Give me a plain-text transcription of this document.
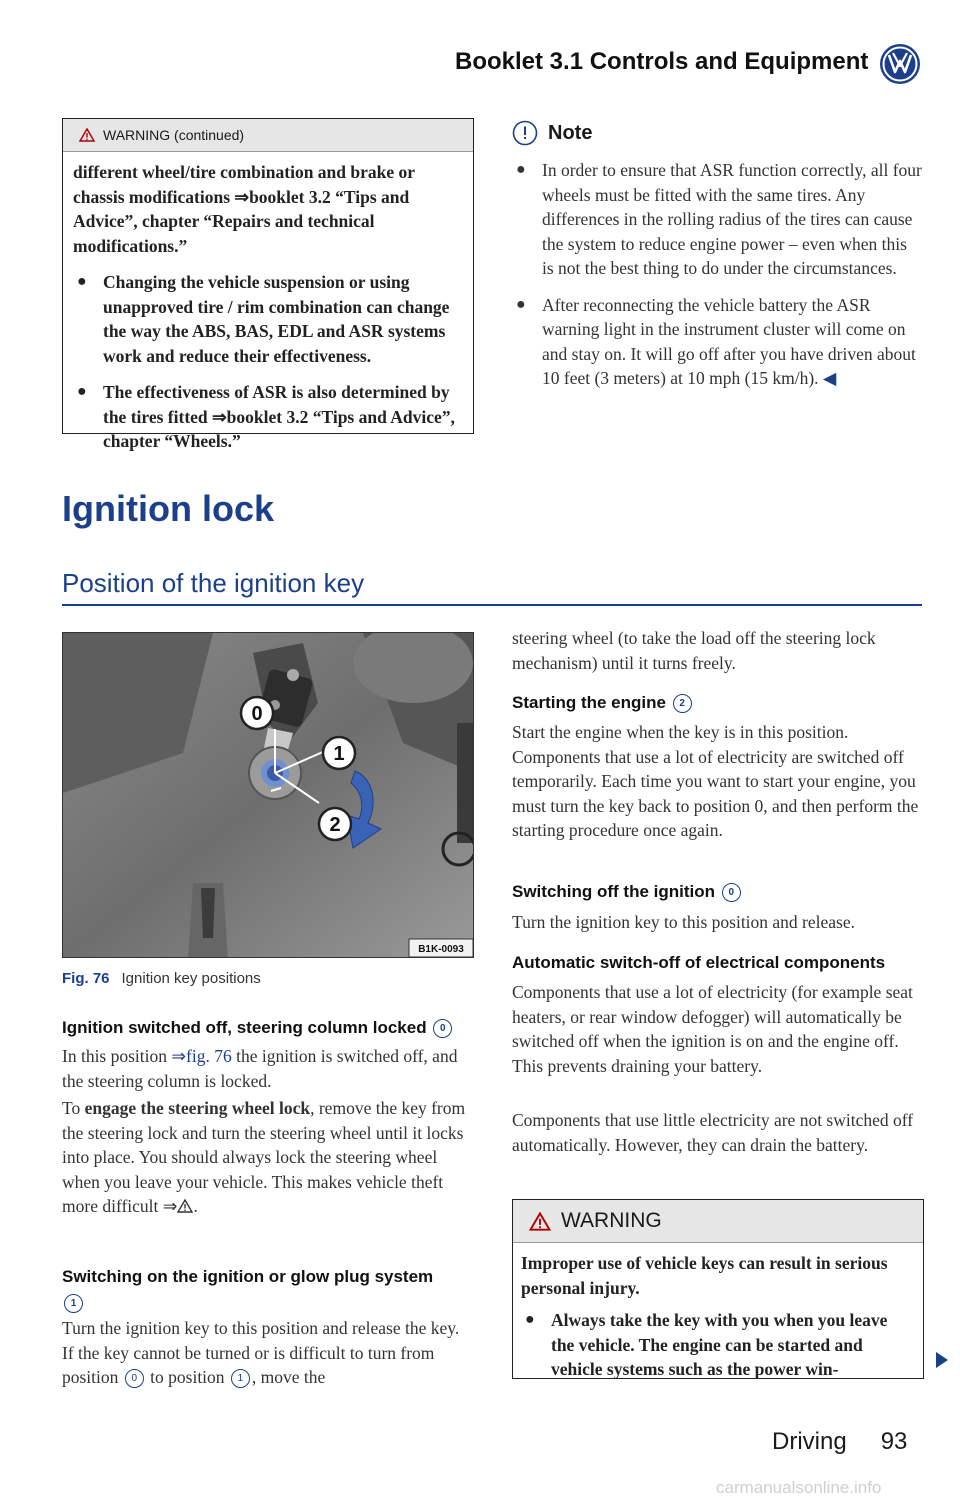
Booklet 3.1 Controls and Equipment
WARNING (continued)

different wheel/tire combination and brake or chassis modifications ⇒booklet 3.2 “Tips and Advice”, chapter “Repairs and technical modifications.”

● Changing the vehicle suspension or using unapproved tire / rim combination can change the way the ABS, BAS, EDL and ASR systems work and reduce their effectiveness.

● The effectiveness of ASR is also determined by the tires fitted ⇒booklet 3.2 “Tips and Advice”, chapter “Wheels.”

Note

● In order to ensure that ASR function correctly, all four wheels must be fitted with the same tires. Any differences in the rolling radius of the tires can cause the system to reduce engine power – even when this is not the best thing to do under the circumstances.

● After reconnecting the vehicle battery the ASR warning light in the instrument cluster will come on and stay on. It will go off after you have driven about 10 feet (3 meters) at 10 mph (15 km/h). ◀

Ignition lock
Position of the ignition key
0
1
2
B1K-0093
Fig. 76 Ignition key positions
Ignition switched off, steering column locked 0
In this position ⇒fig. 76 the ignition is switched off, and the steering column is locked.
To engage the steering wheel lock, remove the key from the steering lock and turn the steering wheel until it locks into place. You should always lock the steering wheel when you leave your vehicle. This makes vehicle theft more difficult ⇒ .
Switching on the ignition or glow plug system
1
Turn the ignition key to this position and release the key. If the key cannot be turned or is difficult to turn from position 0 to position 1 , move the
steering wheel (to take the load off the steering lock mechanism) until it turns freely.
Starting the engine 2
Start the engine when the key is in this position. Components that use a lot of electricity are switched off temporarily. Each time you want to start your engine, you must turn the key back to position 0, and then perform the starting procedure once again.
Switching off the ignition 0
Turn the ignition key to this position and release.
Automatic switch-off of electrical components
Components that use a lot of electricity (for example seat heaters, or rear window defogger) will automatically be switched off when the ignition is on and the engine off. This prevents draining your battery.
Components that use little electricity are not switched off automatically. However, they can drain the battery.
WARNING

Improper use of vehicle keys can result in serious personal injury.

● Always take the key with you when you leave the vehicle. The engine can be started and vehicle systems such as the power win-

Driving 93
carmanualsonline.info
